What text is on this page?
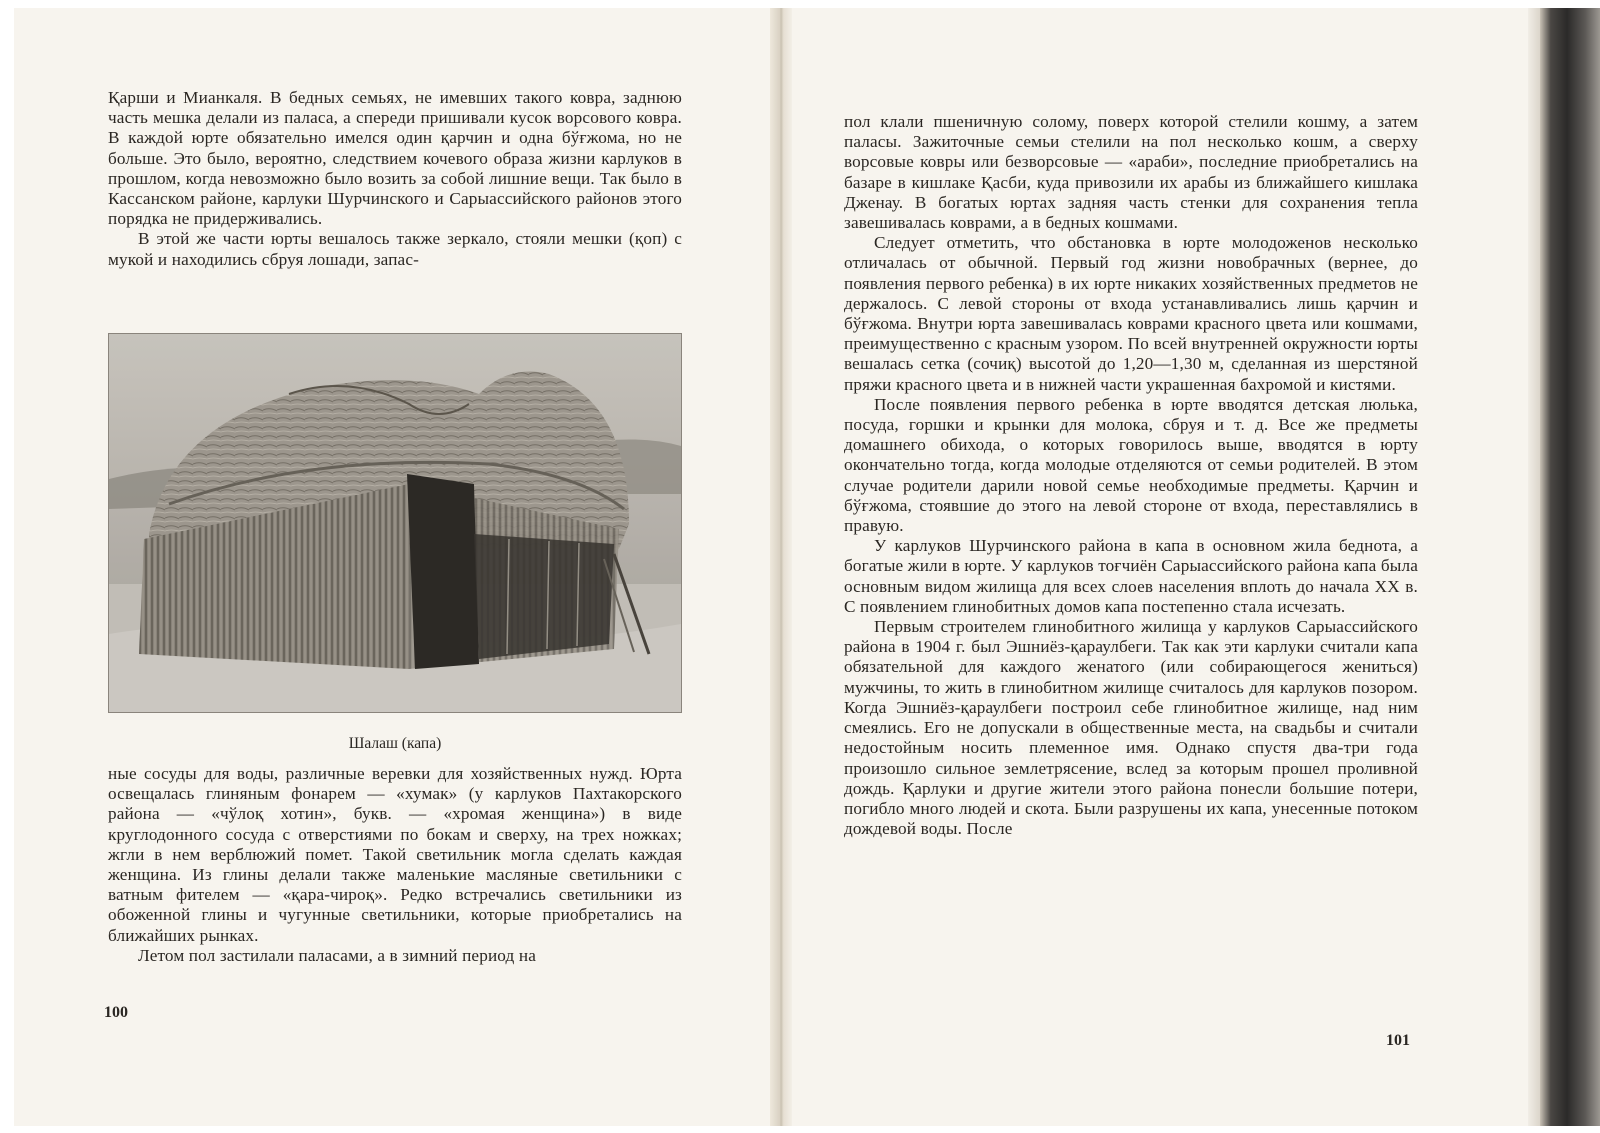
Қарши и Мианкаля. В бедных семьях, не имевших такого ковра, заднюю часть мешка делали из паласа, а спереди пришивали кусок ворсового ковра. В каждой юрте обязательно имелся один қарчин и одна бўғжома, но не больше. Это было, вероятно, следствием кочевого образа жизни карлуков в прошлом, когда невозможно было возить за собой лишние вещи. Так было в Кассанском районе, карлуки Шурчинского и Сарыассийского районов этого порядка не придерживались.

В этой же части юрты вешалось также зеркало, стояли мешки (қоп) с мукой и находились сбруя лошади, запас-

Шалаш (капа)

ные сосуды для воды, различные веревки для хозяйственных нужд. Юрта освещалась глиняным фонарем — «хумак» (у карлуков Пахтакорского района — «чўлоқ хотин», букв. — «хромая женщина») в виде круглодонного сосуда с отверстиями по бокам и сверху, на трех ножках; жгли в нем верблюжий помет. Такой светильник могла сделать каждая женщина. Из глины делали также маленькие масляные светильники с ватным фителем — «қара-чироқ». Редко встречались светильники из обоженной глины и чугунные светильники, которые приобретались на ближайших рынках.

Летом пол застилали паласами, а в зимний период на

100

пол клали пшеничную солому, поверх которой стелили кошму, а затем паласы. Зажиточные семьи стелили на пол несколько кошм, а сверху ворсовые ковры или безворсовые — «араби», последние приобретались на базаре в кишлаке Қасби, куда привозили их арабы из ближайшего кишлака Дженау. В богатых юртах задняя часть стенки для сохранения тепла завешивалась коврами, а в бедных кошмами.

Следует отметить, что обстановка в юрте молодоженов несколько отличалась от обычной. Первый год жизни новобрачных (вернее, до появления первого ребенка) в их юрте никаких хозяйственных предметов не держалось. С левой стороны от входа устанавливались лишь қарчин и бўғжома. Внутри юрта завешивалась коврами красного цвета или кошмами, преимущественно с красным узором. По всей внутренней окружности юрты вешалась сетка (сочиқ) высотой до 1,20—1,30 м, сделанная из шерстяной пряжи красного цвета и в нижней части украшенная бахромой и кистями.

После появления первого ребенка в юрте вводятся детская люлька, посуда, горшки и крынки для молока, сбруя и т. д. Все же предметы домашнего обихода, о которых говорилось выше, вводятся в юрту окончательно тогда, когда молодые отделяются от семьи родителей. В этом случае родители дарили новой семье необходимые предметы. Қарчин и бўғжома, стоявшие до этого на левой стороне от входа, переставлялись в правую.

У карлуков Шурчинского района в капа в основном жила беднота, а богатые жили в юрте. У карлуков тоғчиён Сарыассийского района капа была основным видом жилища для всех слоев населения вплоть до начала XX в. С появлением глинобитных домов капа постепенно стала исчезать.

Первым строителем глинобитного жилища у карлуков Сарыассийского района в 1904 г. был Эшниёз-қараулбеги. Так как эти карлуки считали капа обязательной для каждого женатого (или собирающегося жениться) мужчины, то жить в глинобитном жилище считалось для карлуков позором. Когда Эшниёз-қараулбеги построил себе глинобитное жилище, над ним смеялись. Его не допускали в общественные места, на свадьбы и считали недостойным носить племенное имя. Однако спустя два-три года произошло сильное землетрясение, вслед за которым прошел проливной дождь. Қарлуки и другие жители этого района понесли большие потери, погибло много людей и скота. Были разрушены их капа, унесенные потоком дождевой воды. После

101
